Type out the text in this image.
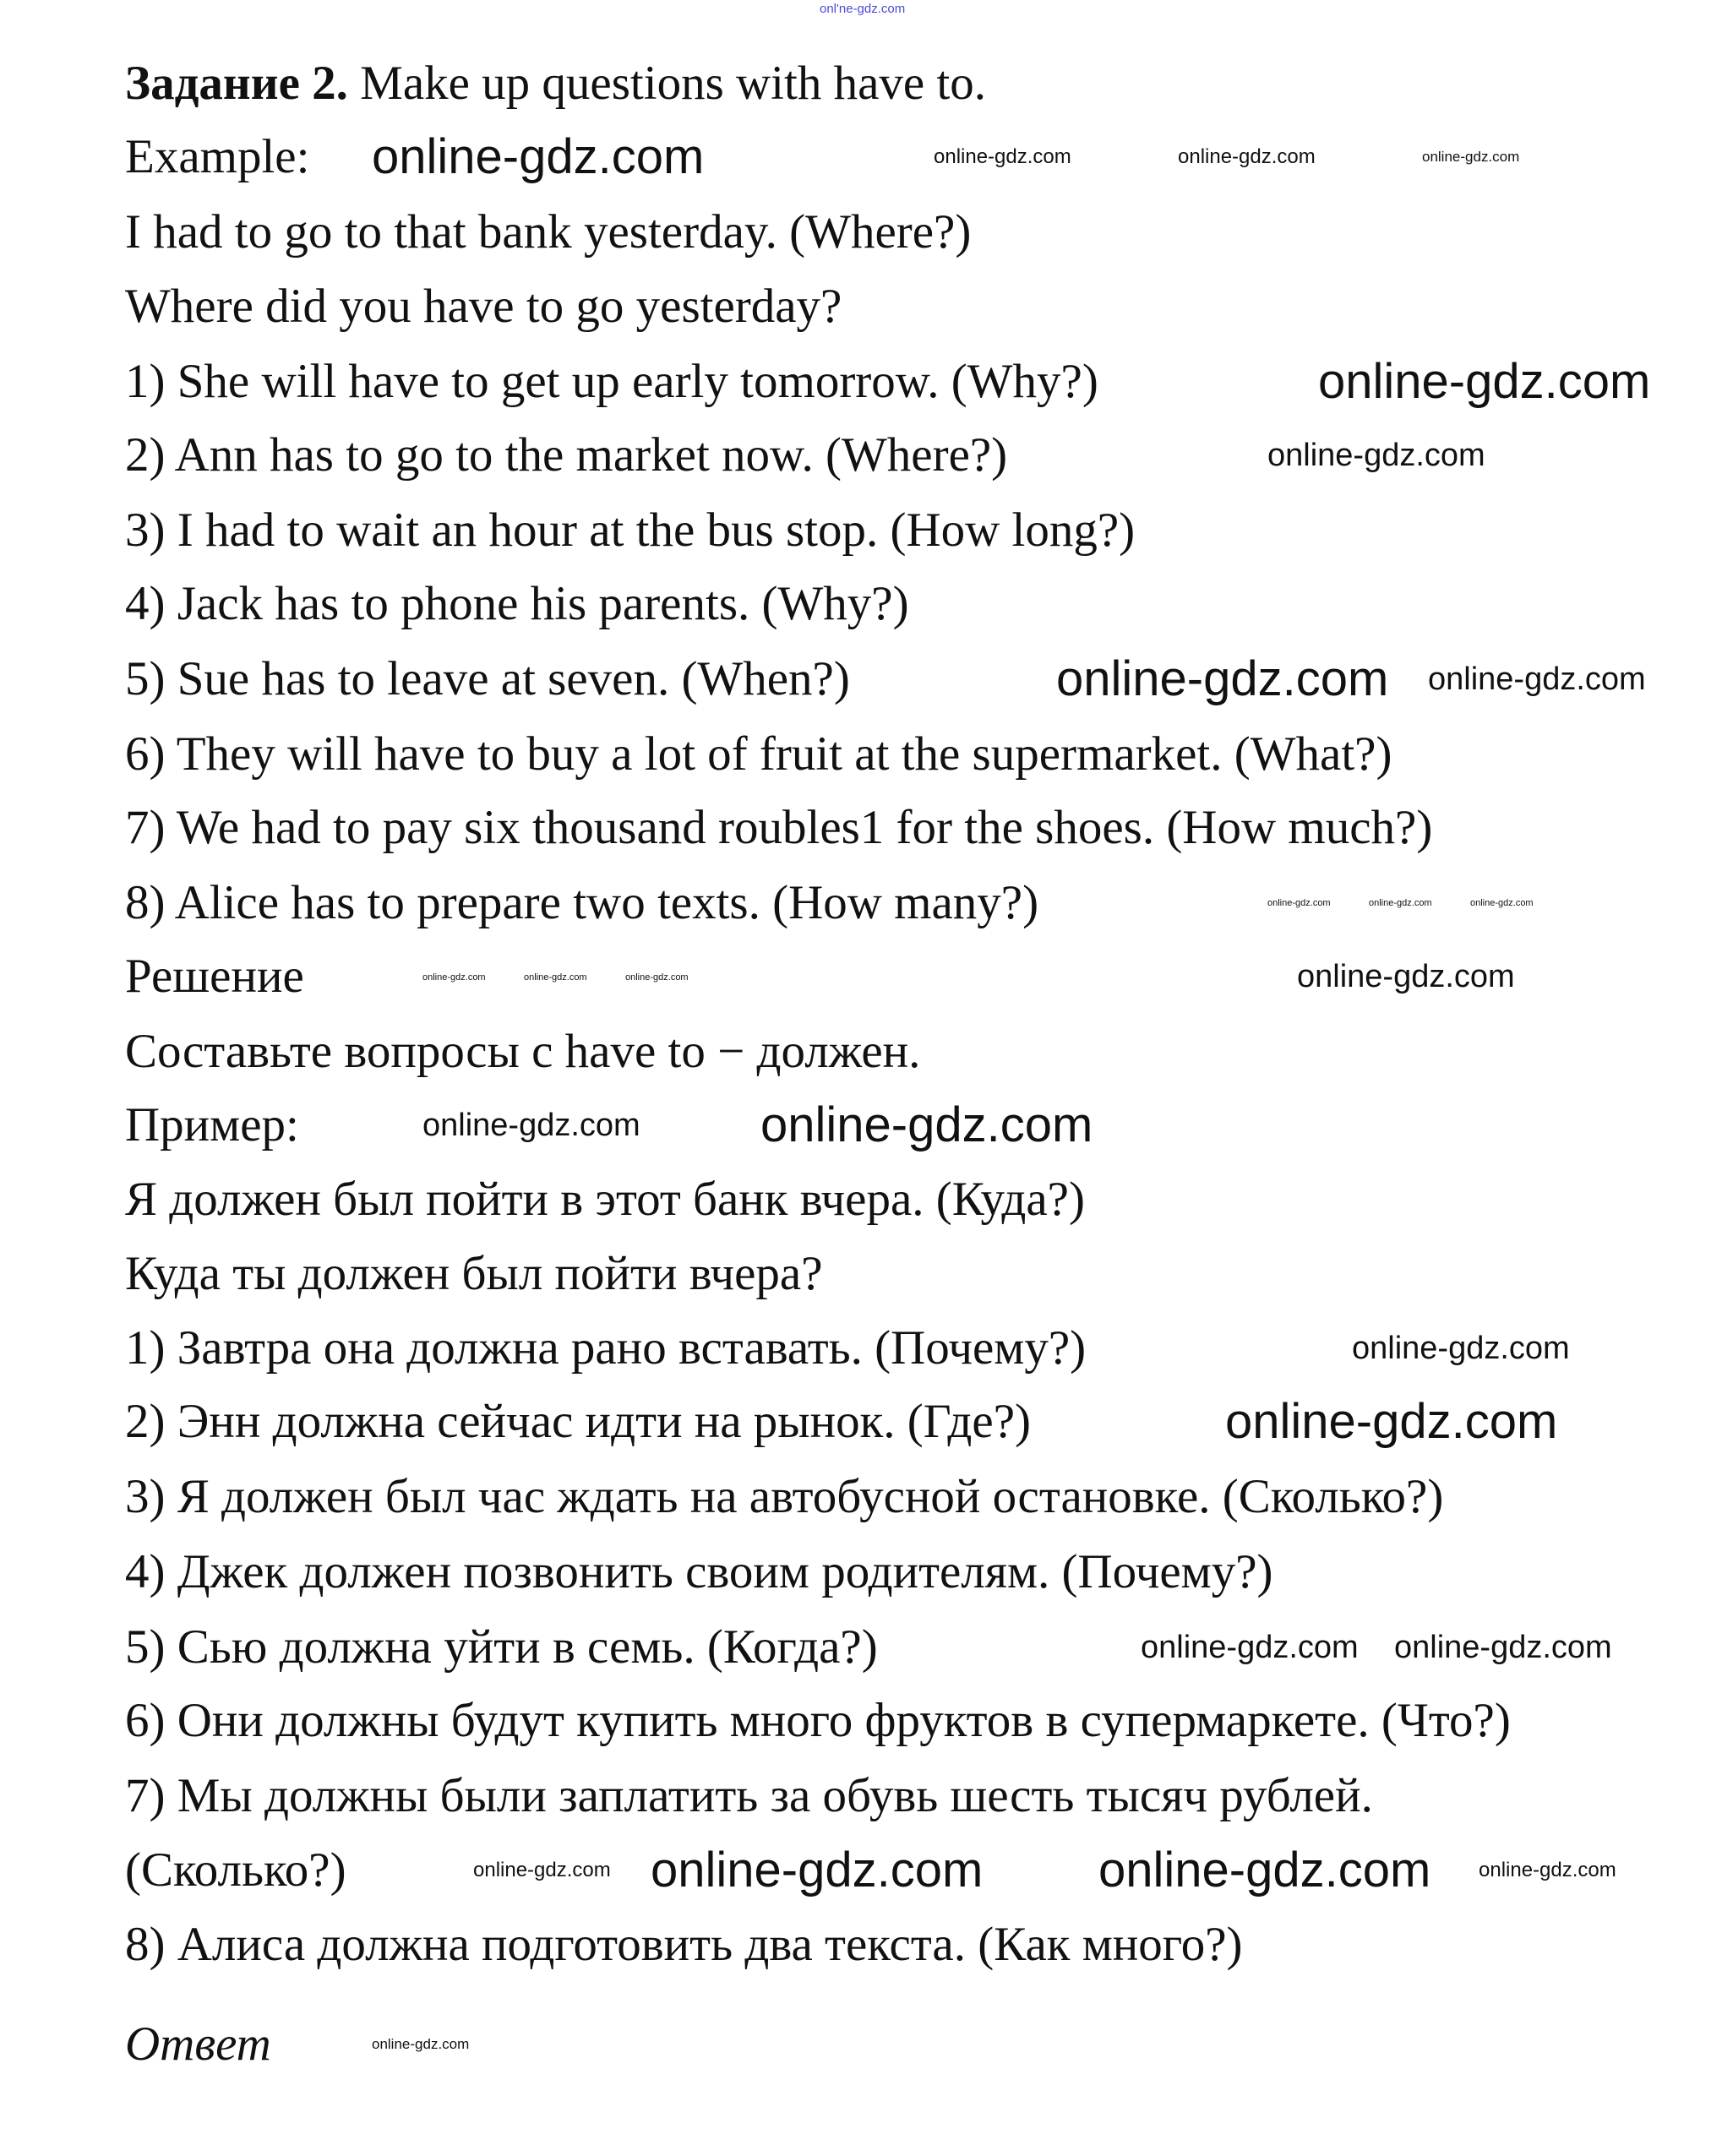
Задание 2. Make up questions with have to.
Example:
I had to go to that bank yesterday. (Where?)
Where did you have to go yesterday?
1) She will have to get up early tomorrow. (Why?)
2) Ann has to go to the market now. (Where?)
3) I had to wait an hour at the bus stop. (How long?)
4) Jack has to phone his parents. (Why?)
5) Sue has to leave at seven. (When?)
6) They will have to buy a lot of fruit at the supermarket. (What?)
7) We had to pay six thousand roubles1 for the shoes. (How much?)
8) Alice has to prepare two texts. (How many?)
Решение
Составьте вопросы с have to − должен.
Пример:
Я должен был пойти в этот банк вчера. (Куда?)
Куда ты должен был пойти вчера?
1) Завтра она должна рано вставать. (Почему?)
2) Энн должна сейчас идти на рынок. (Где?)
3) Я должен был час ждать на автобусной остановке. (Сколько?)
4) Джек должен позвонить своим родителям. (Почему?)
5) Сью должна уйти в семь. (Когда?)
6) Они должны будут купить много фруктов в супермаркете. (Что?)
7) Мы должны были заплатить за обувь шесть тысяч рублей.
(Сколько?)
8) Алиса должна подготовить два текста. (Как много?)
Ответ
onl'ne-gdz.com
online-gdz.com	online-gdz.com	online-gdz.com	online-gdz.com
online-gdz.com
online-gdz.com
online-gdz.com online-gdz.com
online-gdz.com	online-gdz.com	online-gdz.com
online-gdz.com	online-gdz.com	online-gdz.com	online-gdz.com
online-gdz.com online-gdz.com
online-gdz.com
online-gdz.com
online-gdz.com online-gdz.com
online-gdz.com online-gdz.com online-gdz.com online-gdz.com
online-gdz.com
